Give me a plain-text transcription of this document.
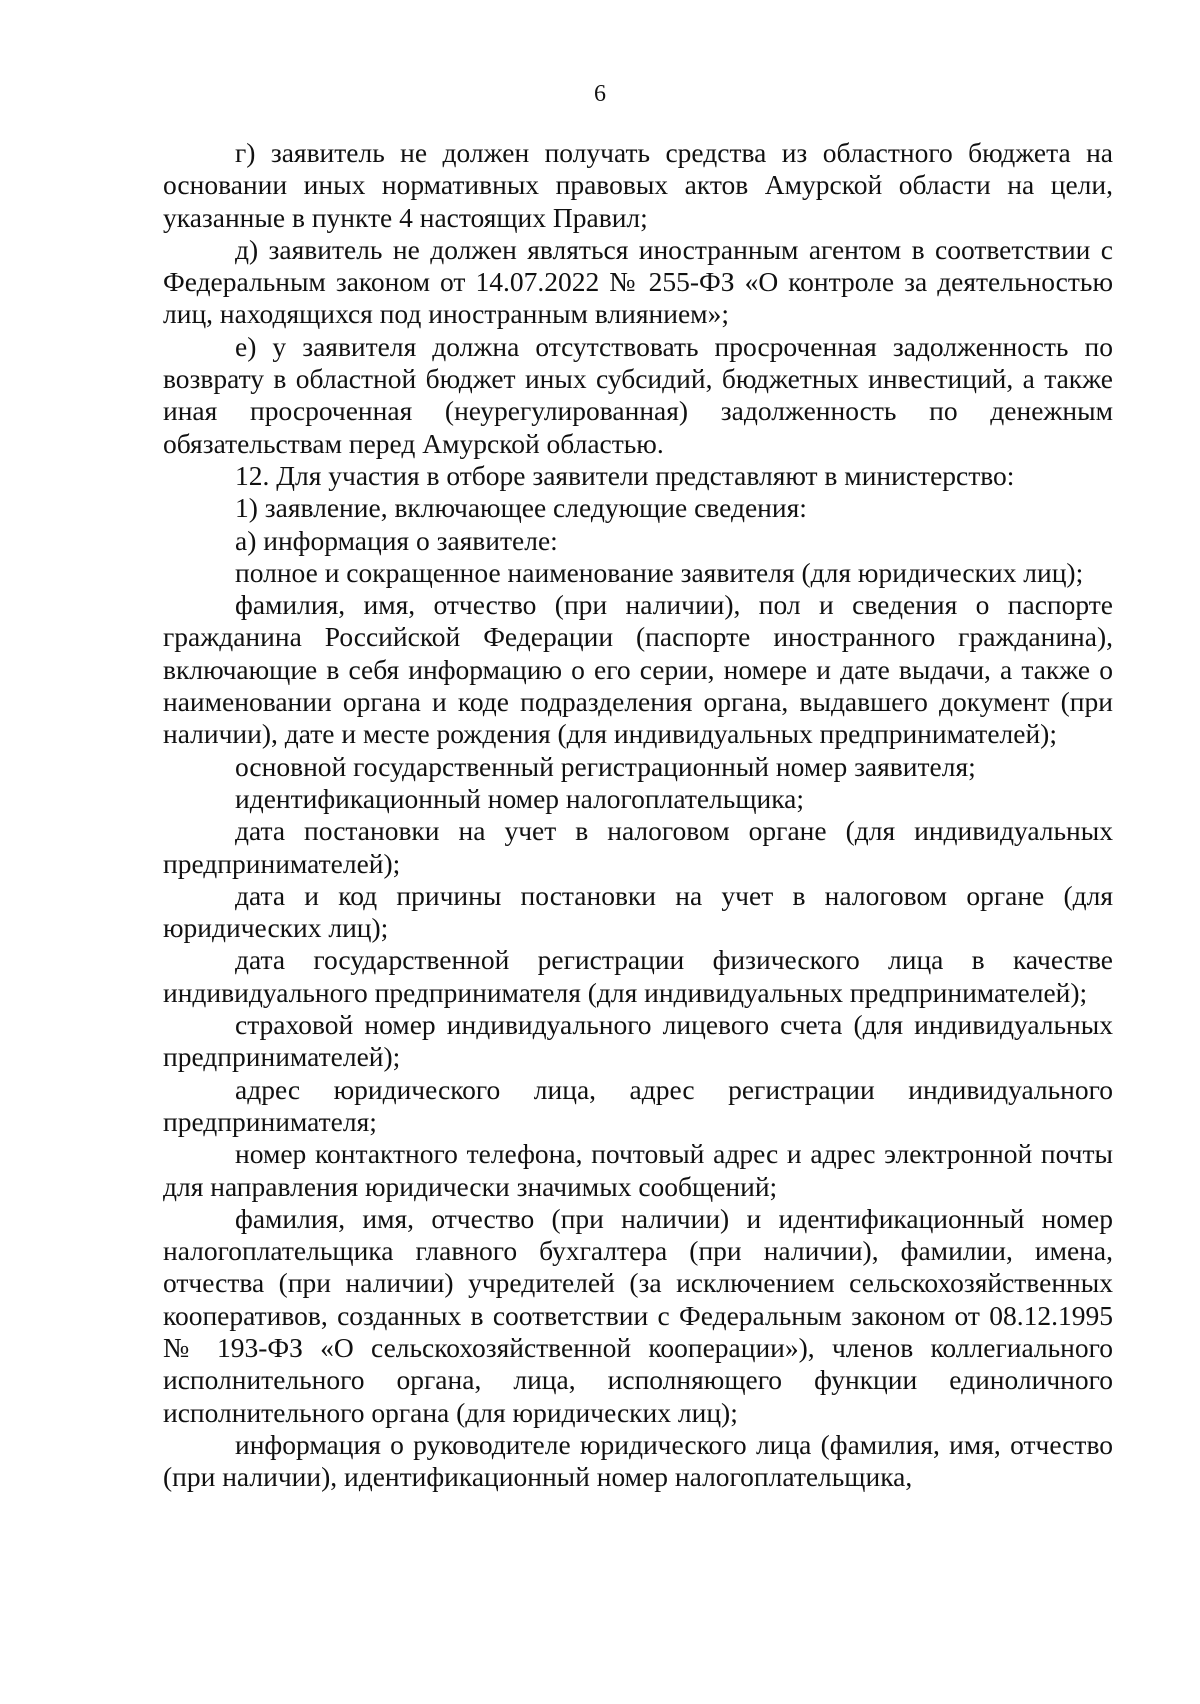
6

г) заявитель не должен получать средства из областного бюджета на основании иных нормативных правовых актов Амурской области на цели, указанные в пункте 4 настоящих Правил;

д) заявитель не должен являться иностранным агентом в соответствии с Федеральным законом от 14.07.2022 № 255-ФЗ «О контроле за деятельностью лиц, находящихся под иностранным влиянием»;

е) у заявителя должна отсутствовать просроченная задолженность по возврату в областной бюджет иных субсидий, бюджетных инвестиций, а также иная просроченная (неурегулированная) задолженность по денежным обязательствам перед Амурской областью.

12. Для участия в отборе заявители представляют в министерство:

1) заявление, включающее следующие сведения:

а) информация о заявителе:

полное и сокращенное наименование заявителя (для юридических лиц);

фамилия, имя, отчество (при наличии), пол и сведения о паспорте гражданина Российской Федерации (паспорте иностранного гражданина), включающие в себя информацию о его серии, номере и дате выдачи, а также о наименовании органа и коде подразделения органа, выдавшего документ (при наличии), дате и месте рождения (для индивидуальных предпринимателей);

основной государственный регистрационный номер заявителя;

идентификационный номер налогоплательщика;

дата постановки на учет в налоговом органе (для индивидуальных предпринимателей);

дата и код причины постановки на учет в налоговом органе (для юридических лиц);

дата государственной регистрации физического лица в качестве индивидуального предпринимателя (для индивидуальных предпринимателей);

страховой номер индивидуального лицевого счета (для индивидуальных предпринимателей);

адрес юридического лица, адрес регистрации индивидуального предпринимателя;

номер контактного телефона, почтовый адрес и адрес электронной почты для направления юридически значимых сообщений;

фамилия, имя, отчество (при наличии) и идентификационный номер налогоплательщика главного бухгалтера (при наличии), фамилии, имена, отчества (при наличии) учредителей (за исключением сельскохозяйственных кооперативов, созданных в соответствии с Федеральным законом от 08.12.1995 № 193-ФЗ «О сельскохозяйственной кооперации»), членов коллегиального исполнительного органа, лица, исполняющего функции единоличного исполнительного органа (для юридических лиц);

информация о руководителе юридического лица (фамилия, имя, отчество (при наличии), идентификационный номер налогоплательщика,
